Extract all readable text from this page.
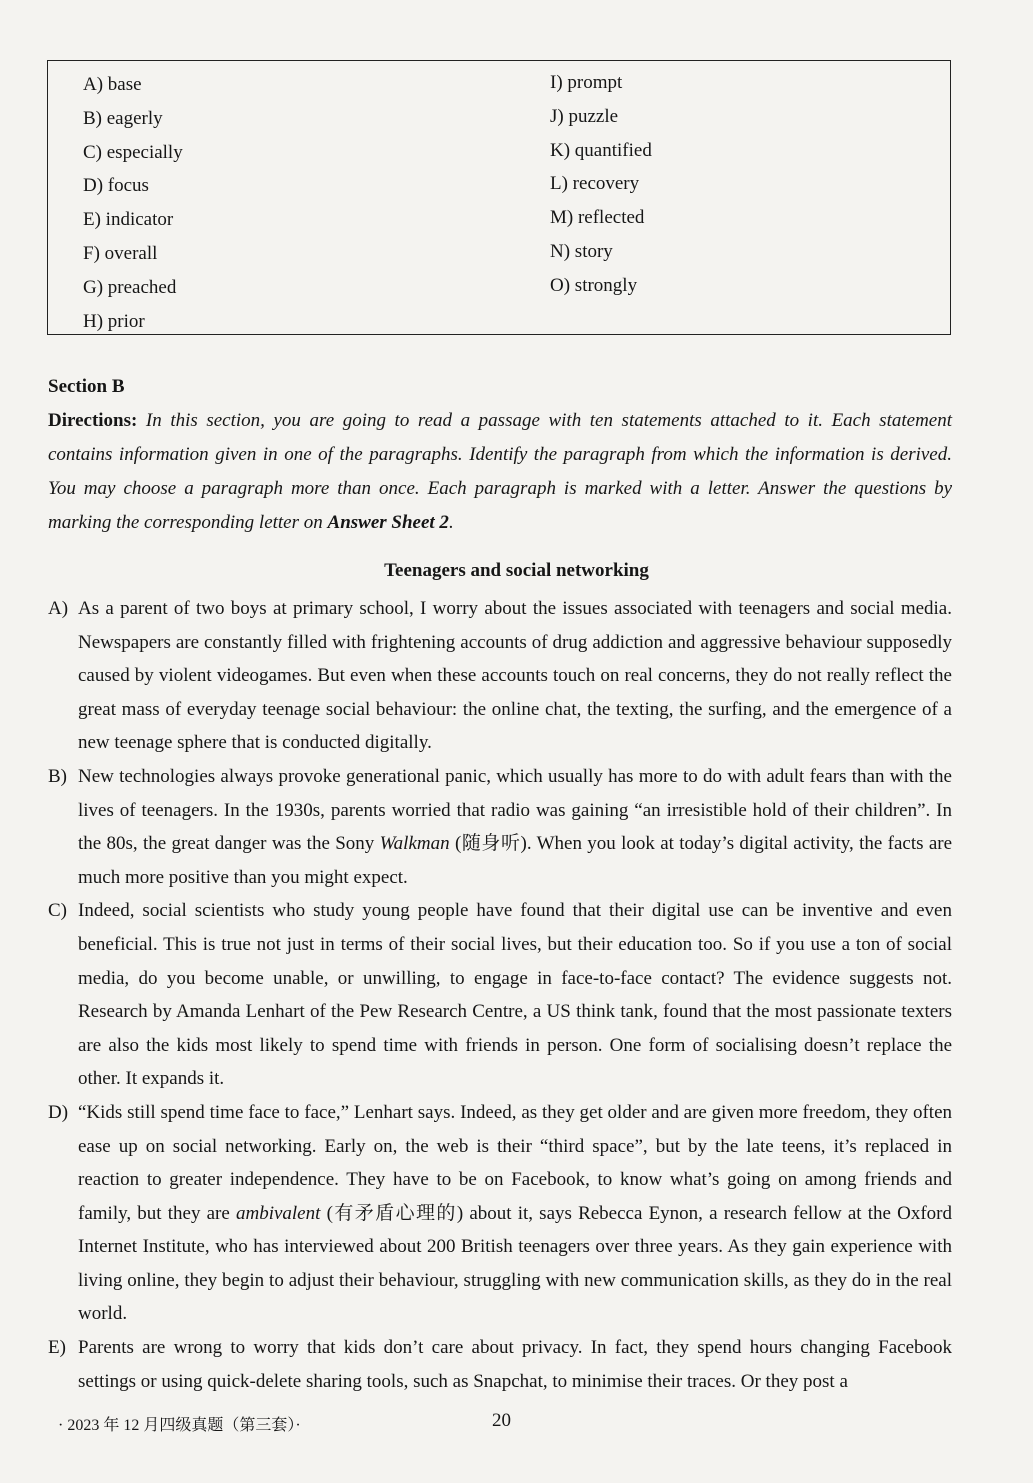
A) base
B) eagerly
C) especially
D) focus
E) indicator
F) overall
G) preached
H) prior
I) prompt
J) puzzle
K) quantified
L) recovery
M) reflected
N) story
O) strongly
Section B
Directions: In this section, you are going to read a passage with ten statements attached to it. Each statement contains information given in one of the paragraphs. Identify the paragraph from which the information is derived. You may choose a paragraph more than once. Each paragraph is marked with a letter. Answer the questions by marking the corresponding letter on Answer Sheet 2.
Teenagers and social networking
A) As a parent of two boys at primary school, I worry about the issues associated with teenagers and social media. Newspapers are constantly filled with frightening accounts of drug addiction and aggressive behaviour supposedly caused by violent videogames. But even when these accounts touch on real concerns, they do not really reflect the great mass of everyday teenage social behaviour: the online chat, the texting, the surfing, and the emergence of a new teenage sphere that is conducted digitally.
B) New technologies always provoke generational panic, which usually has more to do with adult fears than with the lives of teenagers. In the 1930s, parents worried that radio was gaining “an irresistible hold of their children”. In the 80s, the great danger was the Sony Walkman (随身听). When you look at today’s digital activity, the facts are much more positive than you might expect.
C) Indeed, social scientists who study young people have found that their digital use can be inventive and even beneficial. This is true not just in terms of their social lives, but their education too. So if you use a ton of social media, do you become unable, or unwilling, to engage in face-to-face contact? The evidence suggests not. Research by Amanda Lenhart of the Pew Research Centre, a US think tank, found that the most passionate texters are also the kids most likely to spend time with friends in person. One form of socialising doesn’t replace the other. It expands it.
D) “Kids still spend time face to face,” Lenhart says. Indeed, as they get older and are given more freedom, they often ease up on social networking. Early on, the web is their “third space”, but by the late teens, it’s replaced in reaction to greater independence. They have to be on Facebook, to know what’s going on among friends and family, but they are ambivalent (有矛盾心理的) about it, says Rebecca Eynon, a research fellow at the Oxford Internet Institute, who has interviewed about 200 British teenagers over three years. As they gain experience with living online, they begin to adjust their behaviour, struggling with new communication skills, as they do in the real world.
E) Parents are wrong to worry that kids don’t care about privacy. In fact, they spend hours changing Facebook settings or using quick-delete sharing tools, such as Snapchat, to minimise their traces. Or they post a
· 2023 年 12 月四级真题（第三套）·	20
